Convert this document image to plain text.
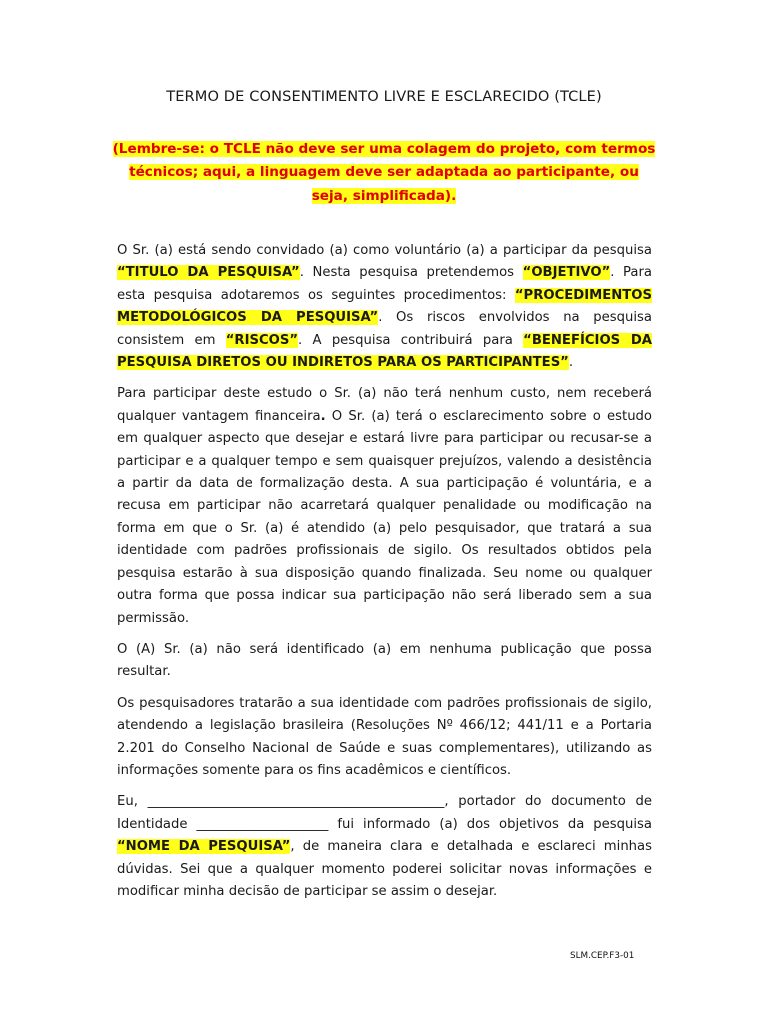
TERMO DE CONSENTIMENTO LIVRE E ESCLARECIDO (TCLE)
(Lembre-se: o TCLE não deve ser uma colagem do projeto, com termos técnicos; aqui, a linguagem deve ser adaptada ao participante, ou seja, simplificada).

O Sr. (a) está sendo convidado (a) como voluntário (a) a participar da pesquisa “TITULO DA PESQUISA”. Nesta pesquisa pretendemos “OBJETIVO”. Para esta pesquisa adotaremos os seguintes procedimentos: “PROCEDIMENTOS METODOLÓGICOS DA PESQUISA”. Os riscos envolvidos na pesquisa consistem em “RISCOS”. A pesquisa contribuirá para “BENEFÍCIOS DA PESQUISA DIRETOS OU INDIRETOS PARA OS PARTICIPANTES”.

Para participar deste estudo o Sr. (a) não terá nenhum custo, nem receberá qualquer vantagem financeira. O Sr. (a) terá o esclarecimento sobre o estudo em qualquer aspecto que desejar e estará livre para participar ou recusar-se a participar e a qualquer tempo e sem quaisquer prejuízos, valendo a desistência a partir da data de formalização desta. A sua participação é voluntária, e a recusa em participar não acarretará qualquer penalidade ou modificação na forma em que o Sr. (a) é atendido (a) pelo pesquisador, que tratará a sua identidade com padrões profissionais de sigilo. Os resultados obtidos pela pesquisa estarão à sua disposição quando finalizada. Seu nome ou qualquer outra forma que possa indicar sua participação não será liberado sem a sua permissão.

O (A) Sr. (a) não será identificado (a) em nenhuma publicação que possa resultar.

Os pesquisadores tratarão a sua identidade com padrões profissionais de sigilo, atendendo a legislação brasileira (Resoluções Nº 466/12; 441/11 e a Portaria 2.201 do Conselho Nacional de Saúde e suas complementares), utilizando as informações somente para os fins acadêmicos e científicos.

Eu, _____________________________________________, portador do documento de Identidade ____________________ fui informado (a) dos objetivos da pesquisa “NOME DA PESQUISA”, de maneira clara e detalhada e esclareci minhas dúvidas. Sei que a qualquer momento poderei solicitar novas informações e modificar minha decisão de participar se assim o desejar.

SLM.CEP.F3-01
